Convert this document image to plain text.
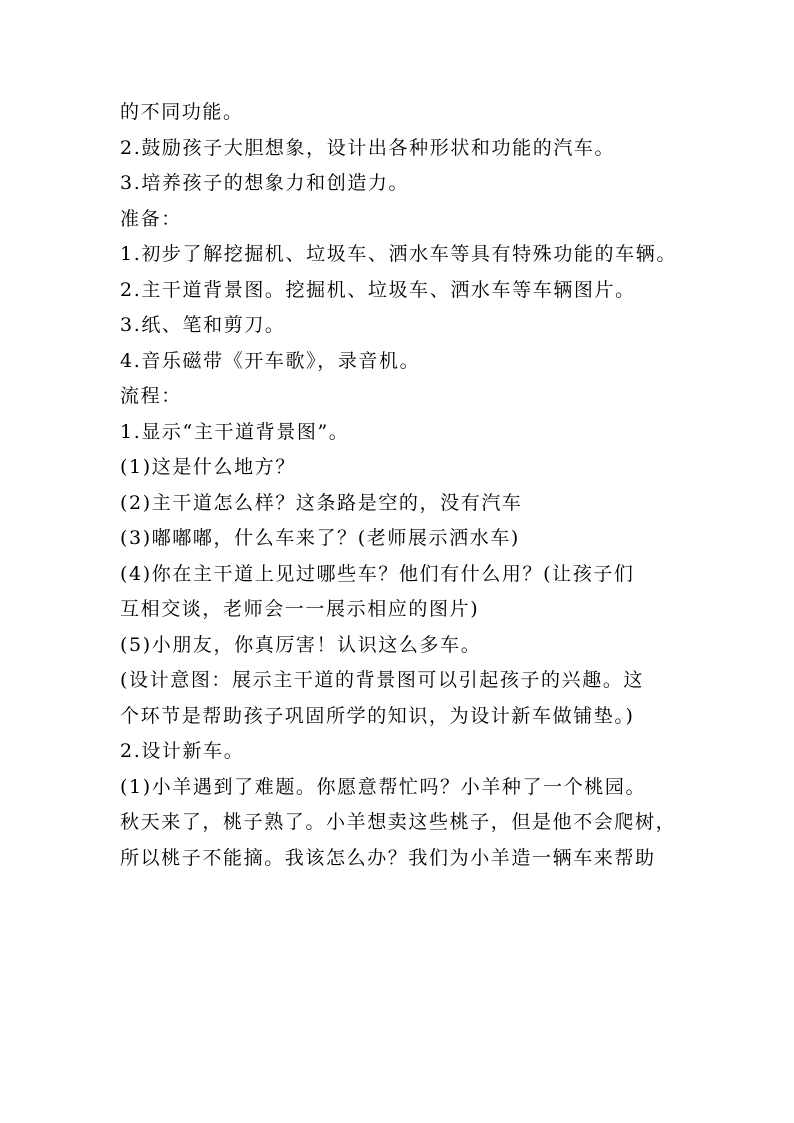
的不同功能。
2.鼓励孩子大胆想象，设计出各种形状和功能的汽车。
3.培养孩子的想象力和创造力。
准备：
1.初步了解挖掘机、垃圾车、洒水车等具有特殊功能的车辆。
2.主干道背景图。挖掘机、垃圾车、洒水车等车辆图片。
3.纸、笔和剪刀。
4.音乐磁带《开车歌》，录音机。
流程：
1.显示“主干道背景图”。
(1)这是什么地方？
(2)主干道怎么样？这条路是空的，没有汽车
(3)嘟嘟嘟，什么车来了？(老师展示洒水车)
(4)你在主干道上见过哪些车？他们有什么用？(让孩子们
互相交谈，老师会一一展示相应的图片)
(5)小朋友，你真厉害！认识这么多车。
(设计意图：展示主干道的背景图可以引起孩子的兴趣。这
个环节是帮助孩子巩固所学的知识，为设计新车做铺垫。)
2.设计新车。
(1)小羊遇到了难题。你愿意帮忙吗？小羊种了一个桃园。
秋天来了，桃子熟了。小羊想卖这些桃子，但是他不会爬树，
所以桃子不能摘。我该怎么办？我们为小羊造一辆车来帮助
